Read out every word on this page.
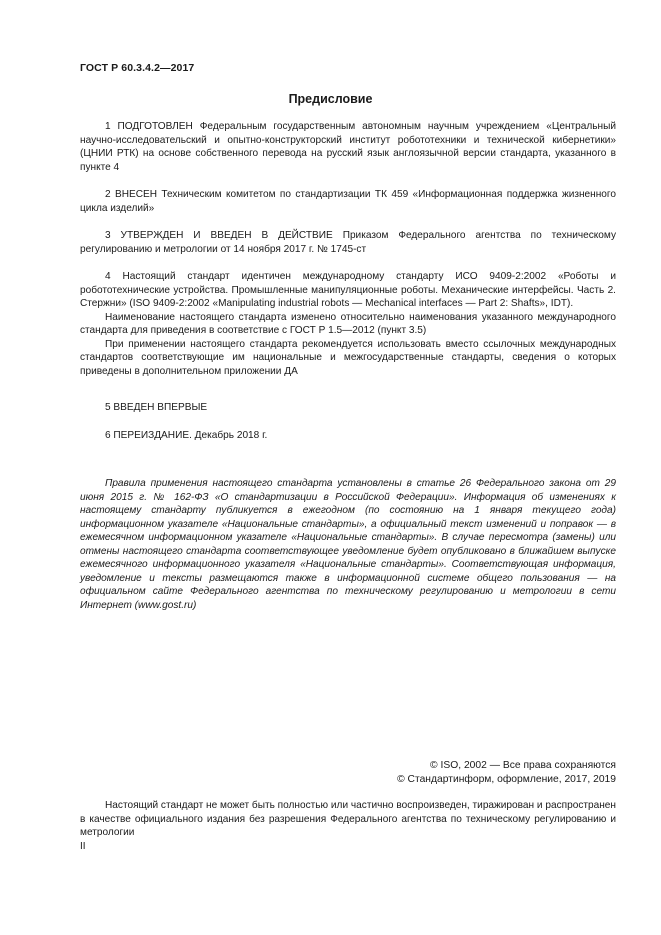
ГОСТ Р 60.3.4.2—2017
Предисловие

1 ПОДГОТОВЛЕН Федеральным государственным автономным научным учреждением «Центральный научно-исследовательский и опытно-конструкторский институт робототехники и технической кибернетики» (ЦНИИ РТК) на основе собственного перевода на русский язык англоязычной версии стандарта, указанного в пункте 4

2 ВНЕСЕН Техническим комитетом по стандартизации ТК 459 «Информационная поддержка жизненного цикла изделий»

3 УТВЕРЖДЕН И ВВЕДЕН В ДЕЙСТВИЕ Приказом Федерального агентства по техническому регулированию и метрологии от 14 ноября 2017 г. № 1745-ст

4 Настоящий стандарт идентичен международному стандарту ИСО 9409-2:2002 «Роботы и робототехнические устройства. Промышленные манипуляционные роботы. Механические интерфейсы. Часть 2. Стержни» (ISO 9409-2:2002 «Manipulating industrial robots — Mechanical interfaces — Part 2: Shafts», IDT).

Наименование настоящего стандарта изменено относительно наименования указанного международного стандарта для приведения в соответствие с ГОСТ Р 1.5—2012 (пункт 3.5)

При применении настоящего стандарта рекомендуется использовать вместо ссылочных международных стандартов соответствующие им национальные и межгосударственные стандарты, сведения о которых приведены в дополнительном приложении ДА

5 ВВЕДЕН ВПЕРВЫЕ

6 ПЕРЕИЗДАНИЕ. Декабрь 2018 г.

Правила применения настоящего стандарта установлены в статье 26 Федерального закона от 29 июня 2015 г. № 162-ФЗ «О стандартизации в Российской Федерации». Информация об изменениях к настоящему стандарту публикуется в ежегодном (по состоянию на 1 января текущего года) информационном указателе «Национальные стандарты», а официальный текст изменений и поправок — в ежемесячном информационном указателе «Национальные стандарты». В случае пересмотра (замены) или отмены настоящего стандарта соответствующее уведомление будет опубликовано в ближайшем выпуске ежемесячного информационного указателя «Национальные стандарты». Соответствующая информация, уведомление и тексты размещаются также в информационной системе общего пользования — на официальном сайте Федерального агентства по техническому регулированию и метрологии в сети Интернет (www.gost.ru)

© ISO, 2002 — Все права сохраняются
© Стандартинформ, оформление, 2017, 2019

Настоящий стандарт не может быть полностью или частично воспроизведен, тиражирован и распространен в качестве официального издания без разрешения Федерального агентства по техническому регулированию и метрологии

II
